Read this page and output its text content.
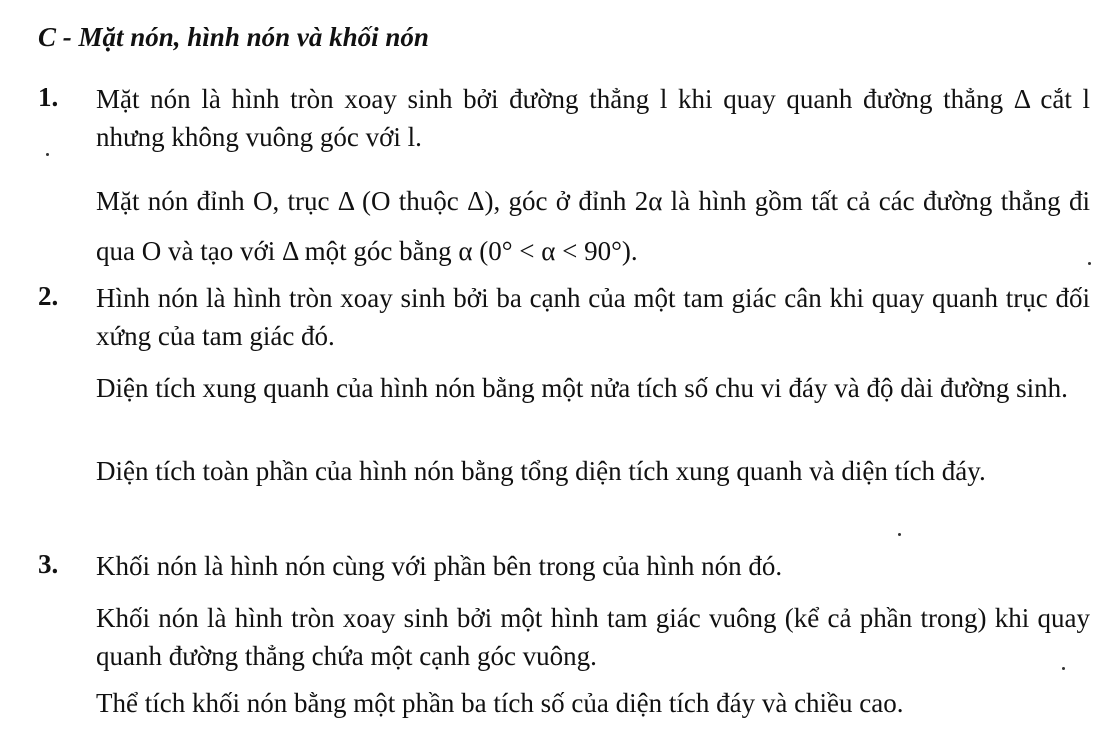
C - Mặt nón, hình nón và khối nón
1. Mặt nón là hình tròn xoay sinh bởi đường thẳng l khi quay quanh đường thẳng Δ cắt l nhưng không vuông góc với l.
Mặt nón đỉnh O, trục Δ (O thuộc Δ), góc ở đỉnh 2α là hình gồm tất cả các đường thẳng đi qua O và tạo với Δ một góc bằng α (0° < α < 90°).
2. Hình nón là hình tròn xoay sinh bởi ba cạnh của một tam giác cân khi quay quanh trục đối xứng của tam giác đó.
Diện tích xung quanh của hình nón bằng một nửa tích số chu vi đáy và độ dài đường sinh.
Diện tích toàn phần của hình nón bằng tổng diện tích xung quanh và diện tích đáy.
3. Khối nón là hình nón cùng với phần bên trong của hình nón đó.
Khối nón là hình tròn xoay sinh bởi một hình tam giác vuông (kể cả phần trong) khi quay quanh đường thẳng chứa một cạnh góc vuông.
Thể tích khối nón bằng một phần ba tích số của diện tích đáy và chiều cao.
